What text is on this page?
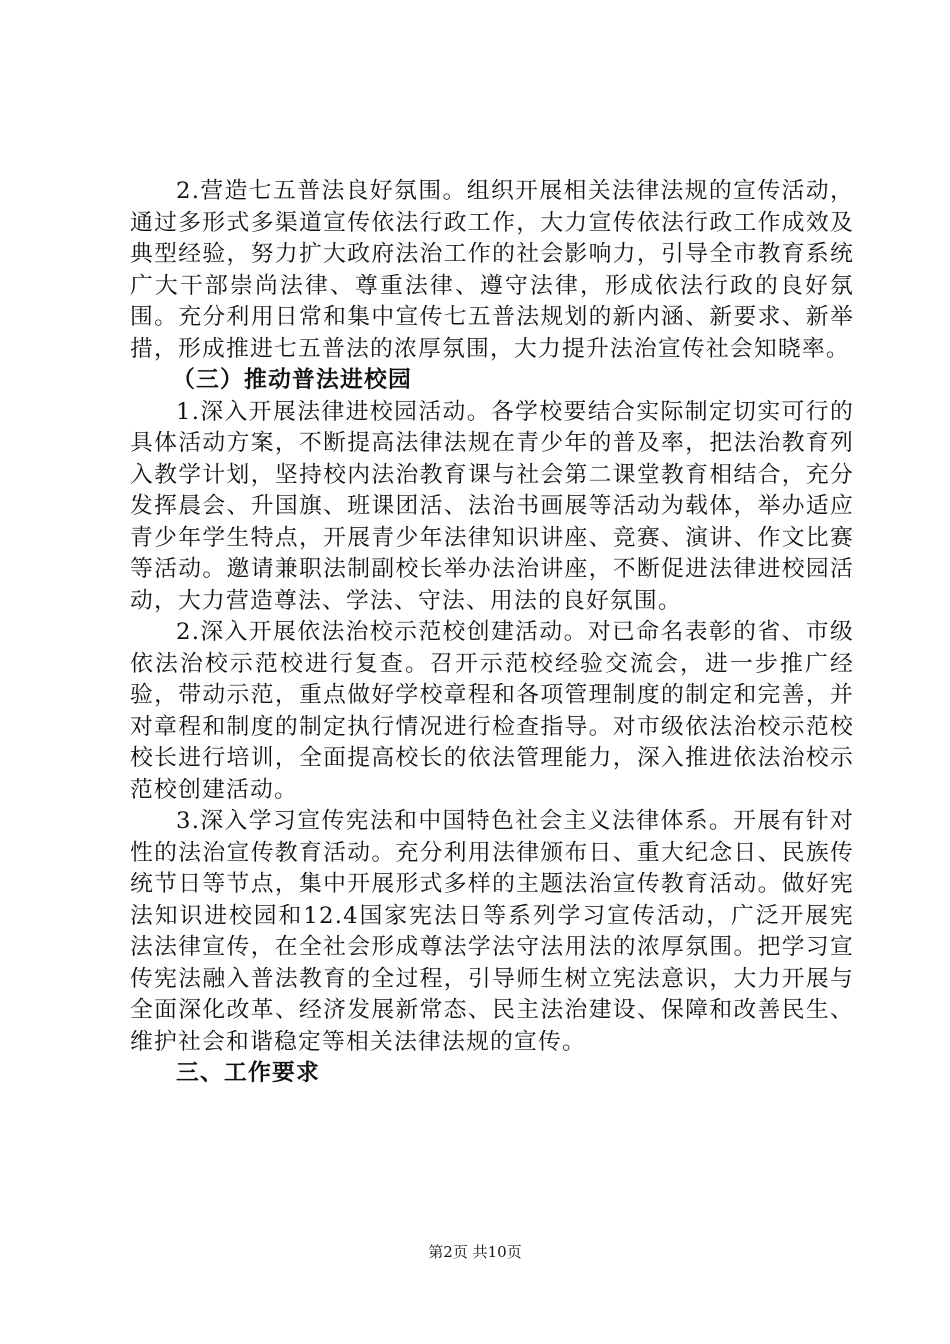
2.营造七五普法良好氛围。组织开展相关法律法规的宣传活动，通过多形式多渠道宣传依法行政工作，大力宣传依法行政工作成效及典型经验，努力扩大政府法治工作的社会影响力，引导全市教育系统广大干部崇尚法律、尊重法律、遵守法律，形成依法行政的良好氛围。充分利用日常和集中宣传七五普法规划的新内涵、新要求、新举措，形成推进七五普法的浓厚氛围，大力提升法治宣传社会知晓率。

（三）推动普法进校园

1.深入开展法律进校园活动。各学校要结合实际制定切实可行的具体活动方案，不断提高法律法规在青少年的普及率，把法治教育列入教学计划，坚持校内法治教育课与社会第二课堂教育相结合，充分发挥晨会、升国旗、班课团活、法治书画展等活动为载体，举办适应青少年学生特点，开展青少年法律知识讲座、竞赛、演讲、作文比赛等活动。邀请兼职法制副校长举办法治讲座，不断促进法律进校园活动，大力营造尊法、学法、守法、用法的良好氛围。

2.深入开展依法治校示范校创建活动。对已命名表彰的省、市级依法治校示范校进行复查。召开示范校经验交流会，进一步推广经验，带动示范，重点做好学校章程和各项管理制度的制定和完善，并对章程和制度的制定执行情况进行检查指导。对市级依法治校示范校校长进行培训，全面提高校长的依法管理能力，深入推进依法治校示范校创建活动。

3.深入学习宣传宪法和中国特色社会主义法律体系。开展有针对性的法治宣传教育活动。充分利用法律颁布日、重大纪念日、民族传统节日等节点，集中开展形式多样的主题法治宣传教育活动。做好宪法知识进校园和12.4国家宪法日等系列学习宣传活动，广泛开展宪法法律宣传，在全社会形成尊法学法守法用法的浓厚氛围。把学习宣传宪法融入普法教育的全过程，引导师生树立宪法意识，大力开展与全面深化改革、经济发展新常态、民主法治建设、保障和改善民生、维护社会和谐稳定等相关法律法规的宣传。

三、工作要求

第2页 共10页
